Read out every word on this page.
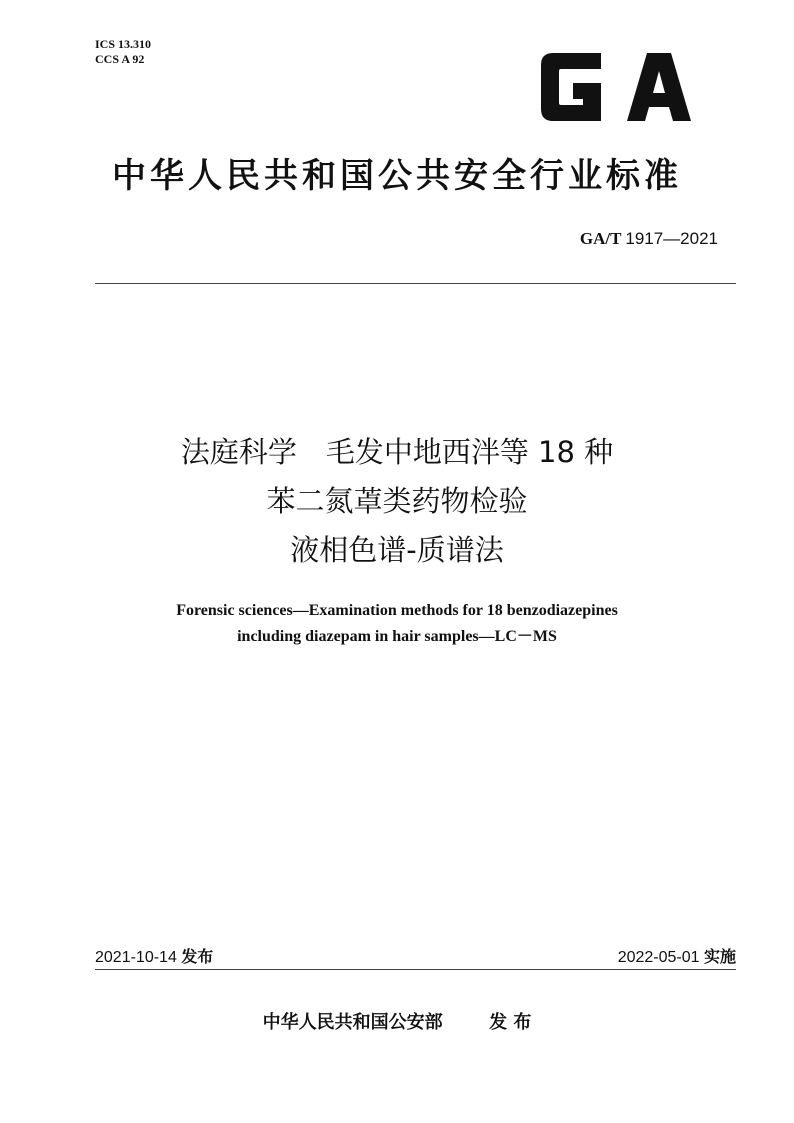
ICS 13.310
CCS A 92
中华人民共和国公共安全行业标准
GA/T 1917—2021
法庭科学　毛发中地西泮等 18 种
苯二氮䓬类药物检验
液相色谱-质谱法
Forensic sciences—Examination methods for 18 benzodiazepines
including diazepam in hair samples—LC－MS
2021-10-14 发布	2022-05-01 实施
中华人民共和国公安部	发 布
